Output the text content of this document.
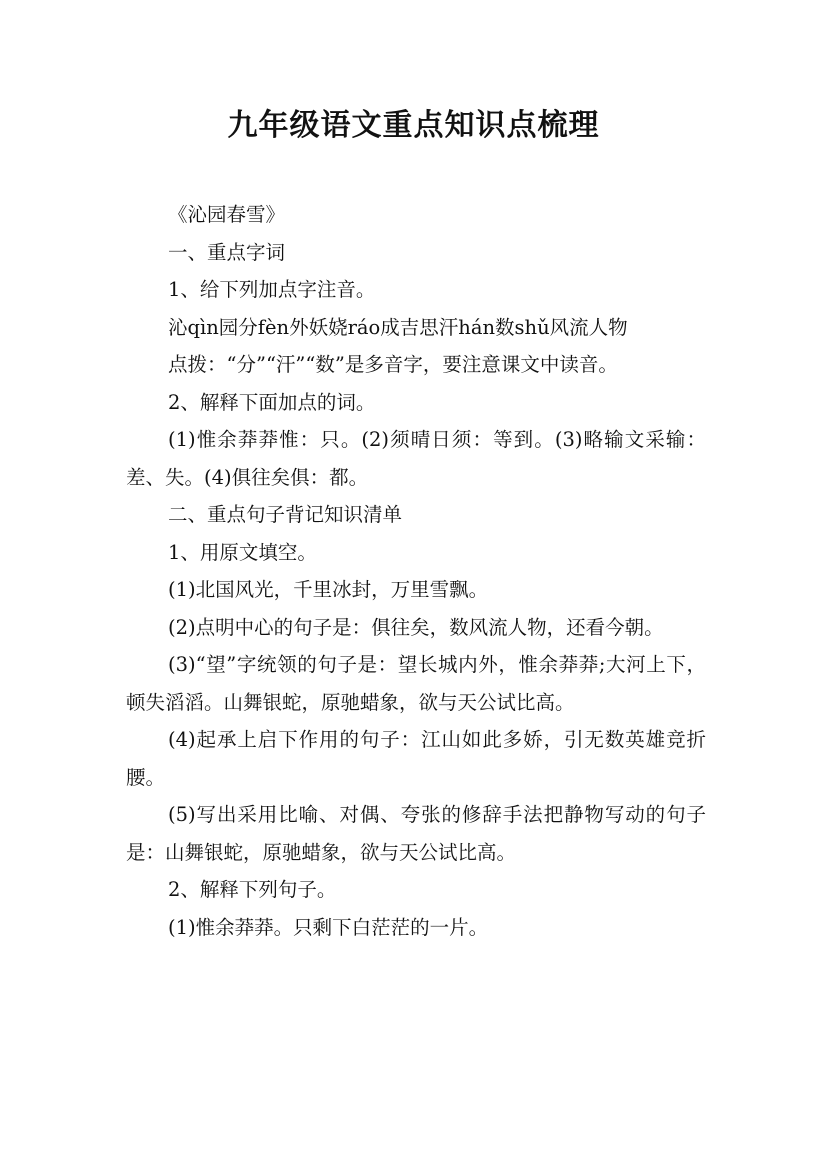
九年级语文重点知识点梳理

《沁园春雪》

一、重点字词

1、给下列加点字注音。

沁qìn园分fèn外妖娆ráo成吉思汗hán数shǔ风流人物

点拨：“分”“汗”“数”是多音字，要注意课文中读音。

2、解释下面加点的词。

(1)惟余莽莽惟：只。(2)须晴日须：等到。(3)略输文采输：差、失。(4)俱往矣俱：都。

二、重点句子背记知识清单

1、用原文填空。

(1)北国风光，千里冰封，万里雪飘。

(2)点明中心的句子是：俱往矣，数风流人物，还看今朝。

(3)“望”字统领的句子是：望长城内外，惟余莽莽;大河上下，顿失滔滔。山舞银蛇，原驰蜡象，欲与天公试比高。

(4)起承上启下作用的句子：江山如此多娇，引无数英雄竞折腰。

(5)写出采用比喻、对偶、夸张的修辞手法把静物写动的句子是：山舞银蛇，原驰蜡象，欲与天公试比高。

2、解释下列句子。

(1)惟余莽莽。只剩下白茫茫的一片。
